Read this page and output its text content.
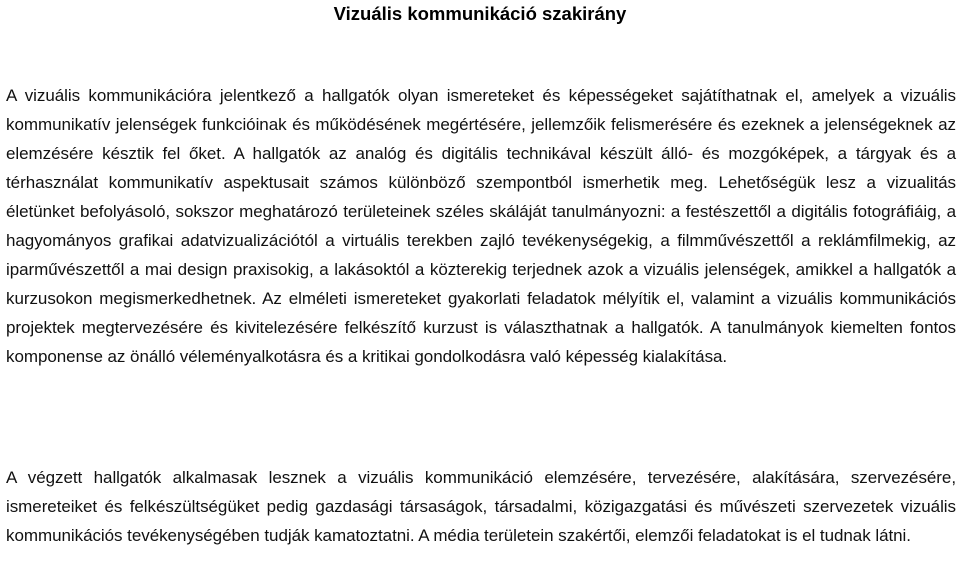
Vizuális kommunikáció szakirány

A vizuális kommunikációra jelentkező a hallgatók olyan ismereteket és képességeket sajátíthatnak el, amelyek a vizuális kommunikatív jelenségek funkcióinak és működésének megértésére, jellemzőik felismerésére és ezeknek a jelenségeknek az elemzésére késztik fel őket. A hallgatók az analóg és digitális technikával készült álló- és mozgóképek, a tárgyak és a térhasználat kommunikatív aspektusait számos különböző szempontból ismerhetik meg. Lehetőségük lesz a vizualitás életünket befolyásoló, sokszor meghatározó területeinek széles skáláját tanulmányozni: a festészettől a digitális fotográfiáig, a hagyományos grafikai adatvizualizációtól a virtuális terekben zajló tevékenységekig, a filmművészettől a reklámfilmekig, az iparművészettől a mai design praxisokig, a lakásoktól a közterekig terjednek azok a vizuális jelenségek, amikkel a hallgatók a kurzusokon megismerkedhetnek. Az elméleti ismereteket gyakorlati feladatok mélyítik el, valamint a vizuális kommunikációs projektek megtervezésére és kivitelezésére felkészítő kurzust is választhatnak a hallgatók. A tanulmányok kiemelten fontos komponense az önálló véleményalkotásra és a kritikai gondolkodásra való képesség kialakítása.

A végzett hallgatók alkalmasak lesznek a vizuális kommunikáció elemzésére, tervezésére, alakítására, szervezésére, ismereteiket és felkészültségüket pedig gazdasági társaságok, társadalmi, közigazgatási és művészeti szervezetek vizuális kommunikációs tevékenységében tudják kamatoztatni. A média területein szakértői, elemzői feladatokat is el tudnak látni.
